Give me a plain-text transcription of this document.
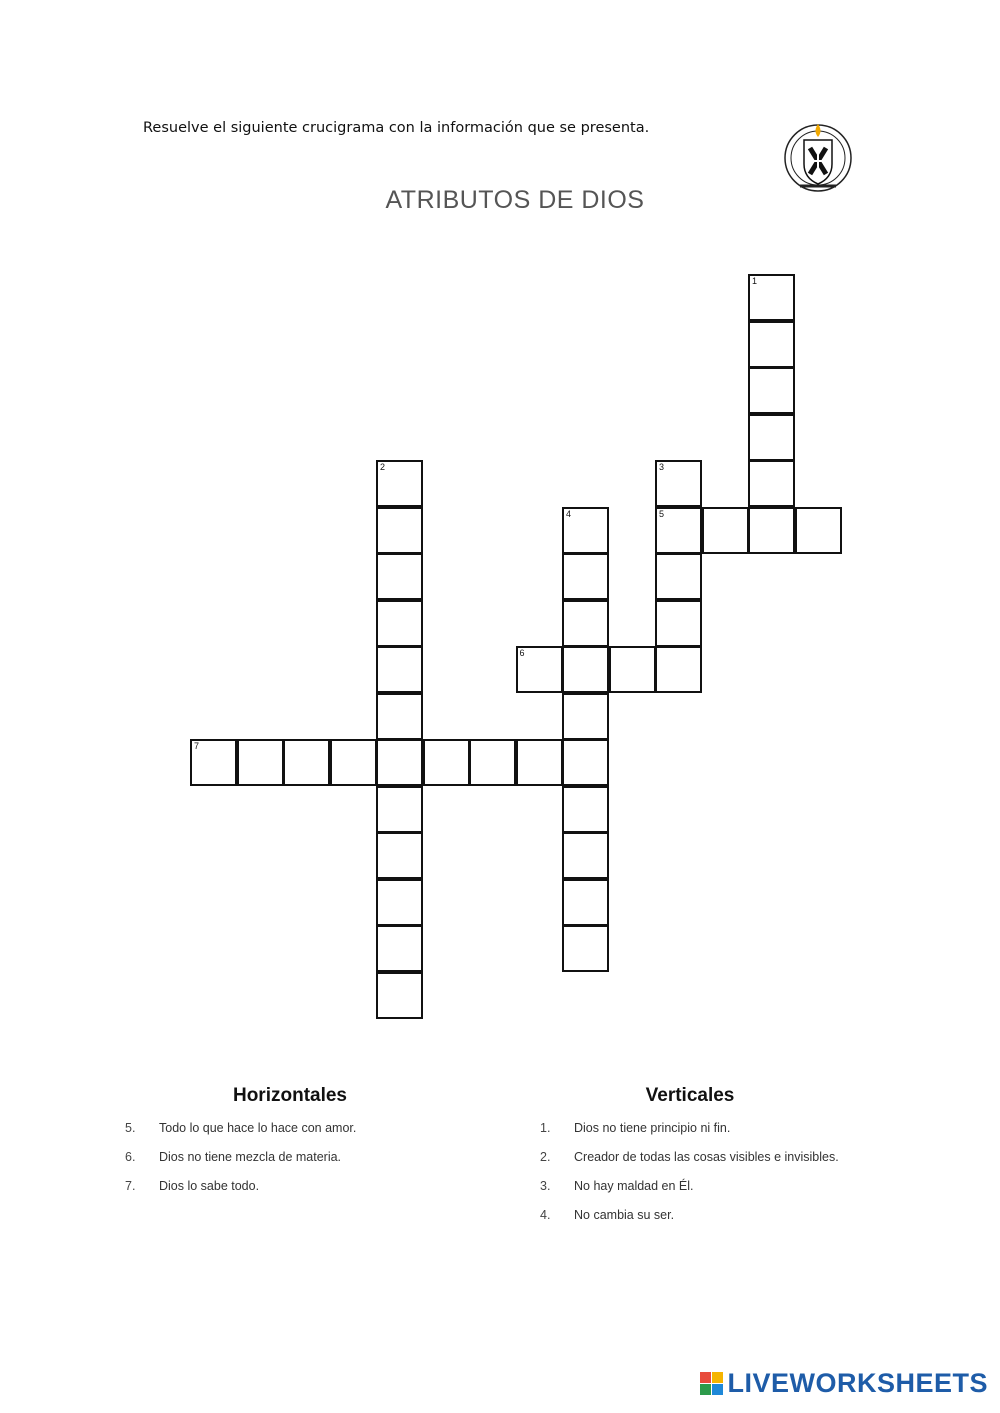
Resuelve el siguiente crucigrama con la información que se presenta.
ATRIBUTOS DE DIOS
1
2	3
5
4
6
7
Horizontales
5.	Todo lo que hace lo hace con amor.
6.	Dios no tiene mezcla de materia.
7.	Dios lo sabe todo.
Verticales
1.	Dios no tiene principio ni fin.
2.	Creador de todas las cosas visibles e invisibles.
3.	No hay maldad en Él.
4.	No cambia su ser.
LIVEWORKSHEETS
